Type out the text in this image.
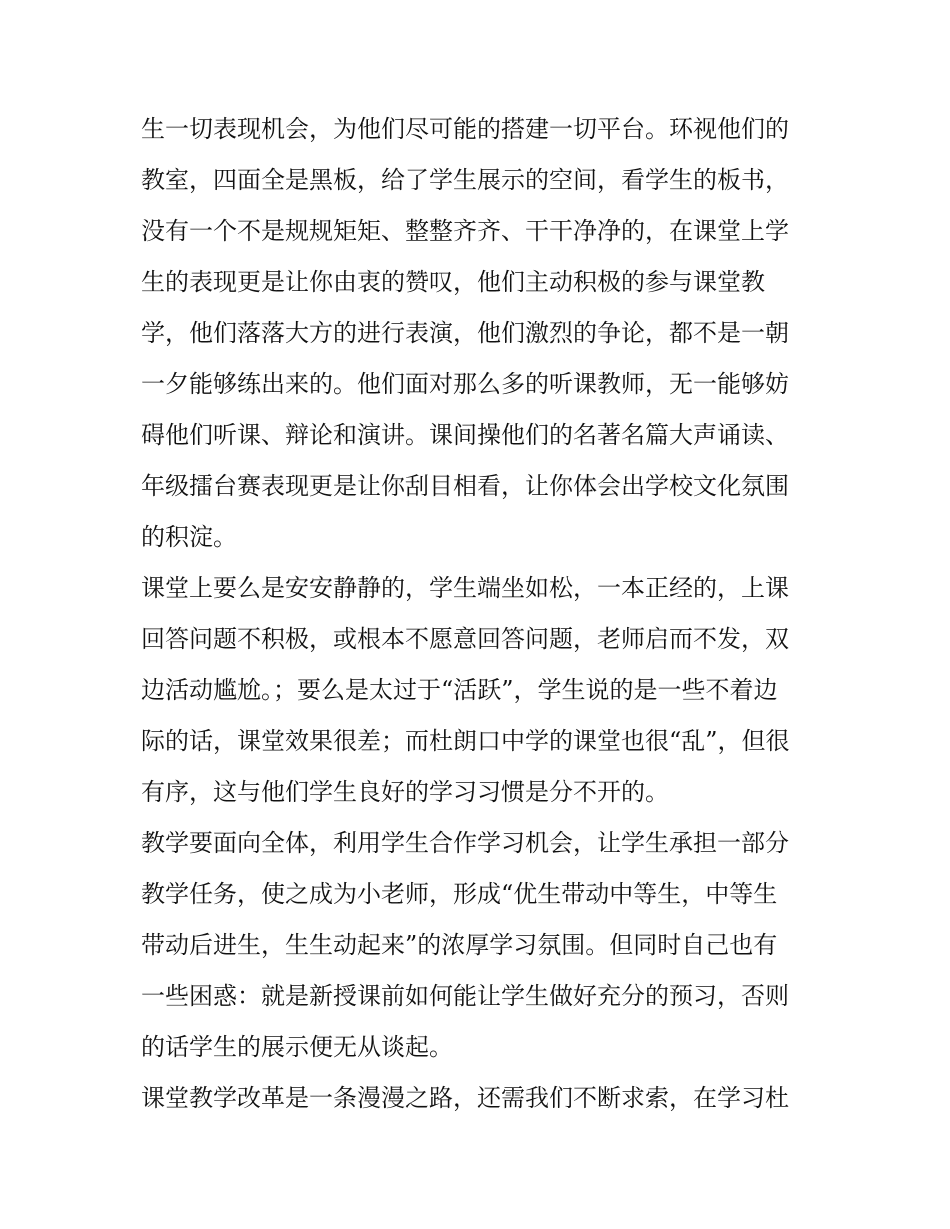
生一切表现机会，为他们尽可能的搭建一切平台。环视他们的
教室，四面全是黑板，给了学生展示的空间，看学生的板书，
没有一个不是规规矩矩、整整齐齐、干干净净的，在课堂上学
生的表现更是让你由衷的赞叹，他们主动积极的参与课堂教
学，他们落落大方的进行表演，他们激烈的争论，都不是一朝
一夕能够练出来的。他们面对那么多的听课教师，无一能够妨
碍他们听课、辩论和演讲。课间操他们的名著名篇大声诵读、
年级擂台赛表现更是让你刮目相看，让你体会出学校文化氛围
的积淀。
课堂上要么是安安静静的，学生端坐如松，一本正经的，上课
回答问题不积极，或根本不愿意回答问题，老师启而不发，双
边活动尴尬。；要么是太过于“活跃”，学生说的是一些不着边
际的话，课堂效果很差；而杜朗口中学的课堂也很“乱”，但很
有序，这与他们学生良好的学习习惯是分不开的。
教学要面向全体，利用学生合作学习机会，让学生承担一部分
教学任务，使之成为小老师，形成“优生带动中等生，中等生
带动后进生，生生动起来”的浓厚学习氛围。但同时自己也有
一些困惑：就是新授课前如何能让学生做好充分的预习，否则
的话学生的展示便无从谈起。
课堂教学改革是一条漫漫之路，还需我们不断求索，在学习杜
